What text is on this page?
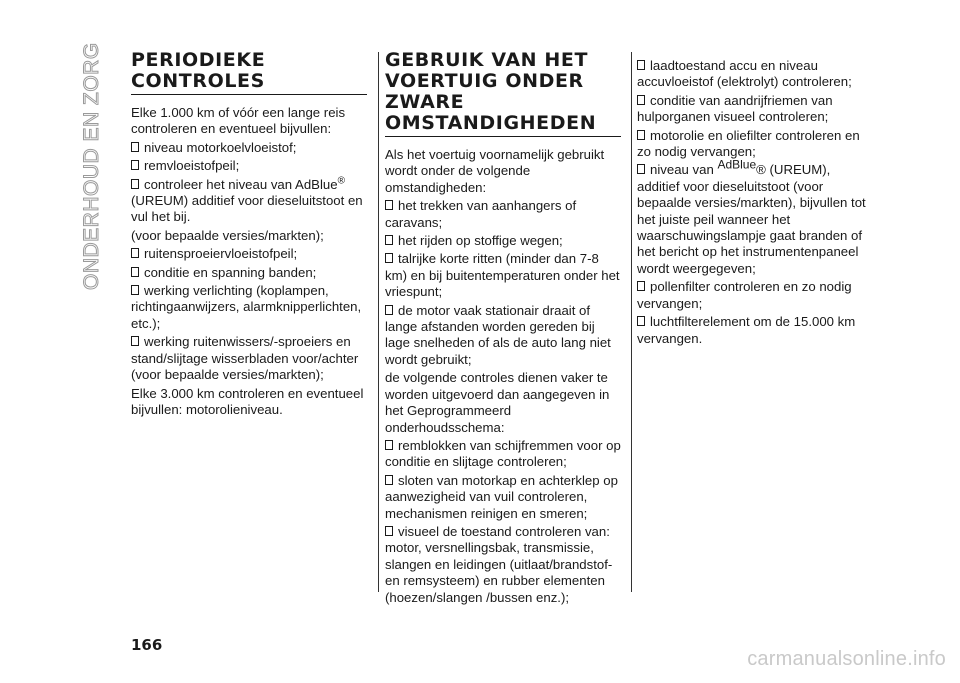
ONDERHOUD EN ZORG PERIODIEKE CONTROLES

Elke 1.000 km of vóór een lange reis controleren en eventueel bijvullen:

niveau motorkoelvloeistof;
remvloeistofpeil;
controleer het niveau van AdBlue® (UREUM) additief voor dieseluitstoot en vul het bij.

(voor bepaalde versies/markten);

ruitensproeiervloeistofpeil;
conditie en spanning banden;
werking verlichting (koplampen, richtingaanwijzers, alarmknipperlichten, etc.);
werking ruitenwissers/-sproeiers en stand/slijtage wisserbladen voor/achter (voor bepaalde versies/markten);

Elke 3.000 km controleren en eventueel bijvullen: motorolieniveau.

GEBRUIK VAN HET VOERTUIG ONDER ZWARE OMSTANDIGHEDEN

Als het voertuig voornamelijk gebruikt wordt onder de volgende omstandigheden:

het trekken van aanhangers of caravans;
het rijden op stoffige wegen;
talrijke korte ritten (minder dan 7-8 km) en bij buitentemperaturen onder het vriespunt;
de motor vaak stationair draait of lange afstanden worden gereden bij lage snelheden of als de auto lang niet wordt gebruikt;

de volgende controles dienen vaker te worden uitgevoerd dan aangegeven in het Geprogrammeerd onderhoudsschema:

remblokken van schijfremmen voor op conditie en slijtage controleren;
sloten van motorkap en achterklep op aanwezigheid van vuil controleren, mechanismen reinigen en smeren;
visueel de toestand controleren van: motor, versnellingsbak, transmissie, slangen en leidingen (uitlaat/brandstof-en remsysteem) en rubber elementen (hoezen/slangen /bussen enz.);
laadtoestand accu en niveau accuvloeistof (elektrolyt) controleren;
conditie van aandrijfriemen van hulporganen visueel controleren;
motorolie en oliefilter controleren en zo nodig vervangen;
niveau van $^{AdBlue}$® (UREUM), additief voor dieseluitstoot (voor bepaalde versies/markten), bijvullen tot het juiste peil wanneer het waarschuwingslampje gaat branden of het bericht op het instrumentenpaneel wordt weergegeven;
pollenfilter controleren en zo nodig vervangen;
luchtfilterelement om de 15.000 km vervangen.
166
carmanualsonline.info
